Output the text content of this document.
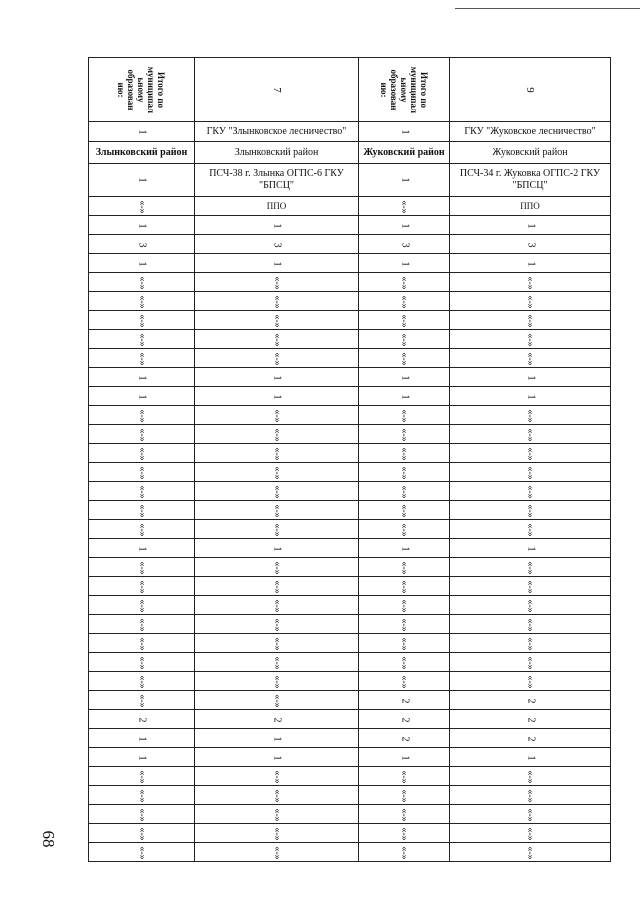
Итого по
муниципал
ьному
образован
ию:	7	Итого по
муниципал
ьному
образован
ию:	9
1	ГКУ "Злынковское лесничество"	1	ГКУ "Жуковское лесничество"
Злынковский район	Злынковский район	Жуковский район	Жуковский район
1	ПСЧ-38 г. Злынка ОГПС-6 ГКУ "БПСЦ"	1	ПСЧ-34 г. Жуковка ОГПС-2 ГКУ "БПСЦ"
«-»	ППО	«-»	ППО
1	1	1	1
3	3	3	3
1	1	1	1
«-»	«-»	«-»	«-»
«-»	«-»	«-»	«-»
«-»	«-»	«-»	«-»
«-»	«-»	«-»	«-»
«-»	«-»	«-»	«-»
1	1	1	1
1	1	1	1
«-»	«-»	«-»	«-»
«-»	«-»	«-»	«-»
«-»	«-»	«-»	«-»
«-»	«-»	«-»	«-»
«-»	«-»	«-»	«-»
«-»	«-»	«-»	«-»
«-»	«-»	«-»	«-»
1	1	1	1
«-»	«-»	«-»	«-»
«-»	«-»	«-»	«-»
«-»	«-»	«-»	«-»
«-»	«-»	«-»	«-»
«-»	«-»	«-»	«-»
«-»	«-»	«-»	«-»
«-»	«-»	«-»	«-»
«-»	«-»	2	2
2	2	2	2
1	1	2	2
1	1	1	1
«-»	«-»	«-»	«-»
«-»	«-»	«-»	«-»
«-»	«-»	«-»	«-»
«-»	«-»	«-»	«-»
«-»	«-»	«-»	«-»
68
